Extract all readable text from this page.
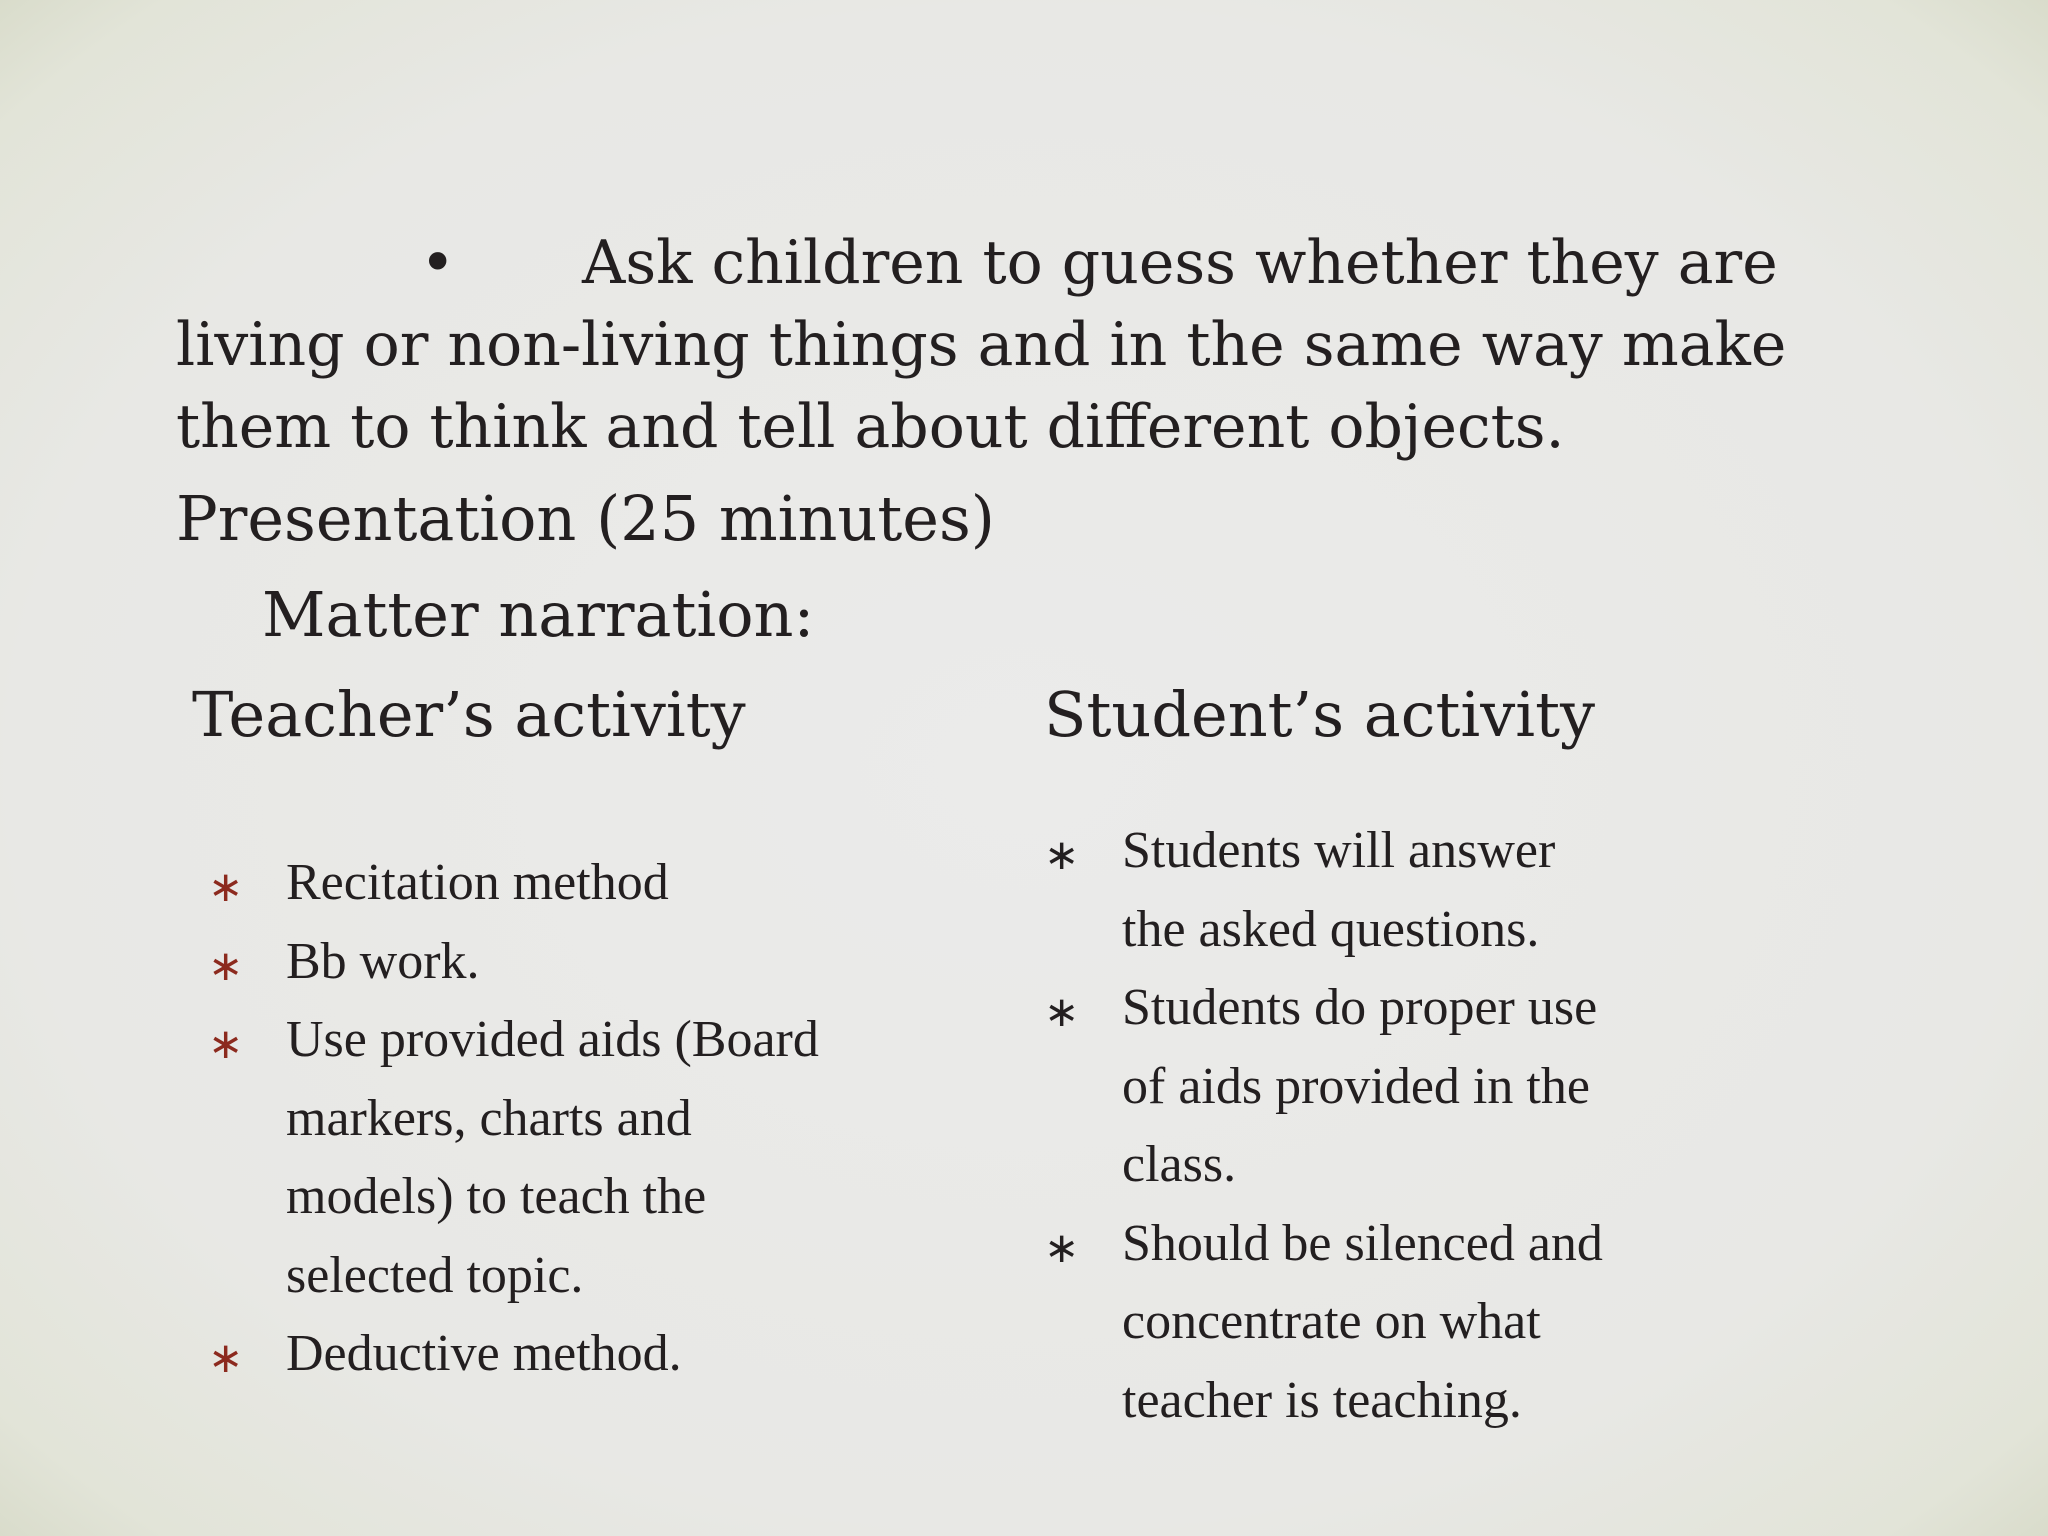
• Ask children to guess whether they are
living or non-living things and in the same way make
them to think and tell about different objects.
Presentation (25 minutes)
Matter narration:
Teacher’s activity	Student’s activity
∗ Recitation method
∗ Bb work.
∗ Use provided aids (Board
markers, charts and
models) to teach the
selected topic.
∗ Deductive method.
∗ Students will answer
the asked questions.
∗ Students do proper use
of aids provided in the
class.
∗ Should be silenced and
concentrate on what
teacher is teaching.
